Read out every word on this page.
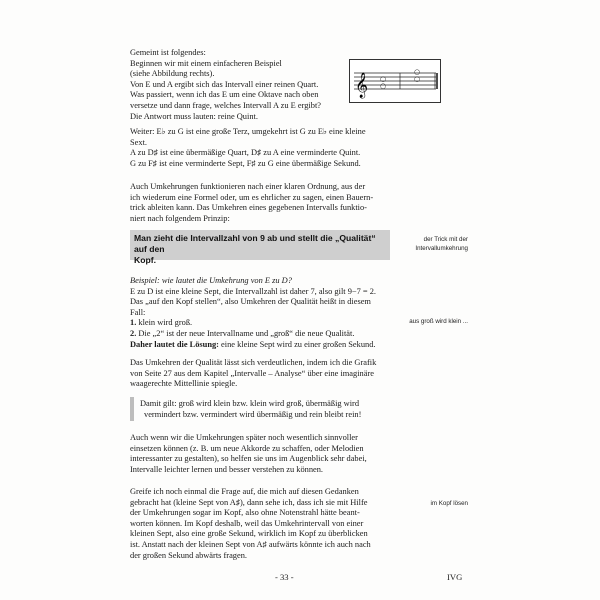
Gemeint ist folgendes:

Beginnen wir mit einem einfacheren Beispiel

(siehe Abbildung rechts).

Von E und A ergibt sich das Intervall einer reinen Quart.

Was passiert, wenn ich das E um eine Oktave nach oben

versetze und dann frage, welches Intervall A zu E ergibt?

Die Antwort muss lauten: reine Quint.

𝄞 ○
○	○
○

Weiter: E♭ zu G ist eine große Terz, umgekehrt ist G zu E♭ eine kleine

Sext.

A zu D♯ ist eine übermäßige Quart, D♯ zu A eine verminderte Quint.

G zu F♯ ist eine verminderte Sept, F♯ zu G eine übermäßige Sekund.

Auch Umkehrungen funktionieren nach einer klaren Ordnung, aus der

ich wiederum eine Formel oder, um es ehrlicher zu sagen, einen Bauern-

trick ableiten kann. Das Umkehren eines gegebenen Intervalls funktio-

niert nach folgendem Prinzip:

Man zieht die Intervallzahl von 9 ab und stellt die „Qualität“ auf den
Kopf.
der Trick mit der
Intervallumkehrung

Beispiel: wie lautet die Umkehrung von E zu D?

E zu D ist eine kleine Sept, die Intervallzahl ist daher 7, also gilt 9−7 = 2.

Das „auf den Kopf stellen“, also Umkehren der Qualität heißt in diesem

Fall:

1. klein wird groß.

2. Die „2“ ist der neue Intervallname und „groß“ die neue Qualität.

Daher lautet die Lösung: eine kleine Sept wird zu einer großen Sekund.

aus groß wird klein ...

Das Umkehren der Qualität lässt sich verdeutlichen, indem ich die Grafik

von Seite 27 aus dem Kapitel „Intervalle – Analyse“ über eine imaginäre

waagerechte Mittellinie spiegle.

Damit gilt: groß wird klein bzw. klein wird groß, übermäßig wird

vermindert bzw. vermindert wird übermäßig und rein bleibt rein!

Auch wenn wir die Umkehrungen später noch wesentlich sinnvoller

einsetzen können (z. B. um neue Akkorde zu schaffen, oder Melodien

interessanter zu gestalten), so helfen sie uns im Augenblick sehr dabei,

Intervalle leichter lernen und besser verstehen zu können.

Greife ich noch einmal die Frage auf, die mich auf diesen Gedanken

gebracht hat (kleine Sept von A♯), dann sehe ich, dass ich sie mit Hilfe

der Umkehrungen sogar im Kopf, also ohne Notenstrahl hätte beant-

worten können. Im Kopf deshalb, weil das Umkehrintervall von einer

kleinen Sept, also eine große Sekund, wirklich im Kopf zu überblicken

ist. Anstatt nach der kleinen Sept von A♯ aufwärts könnte ich auch nach

der großen Sekund abwärts fragen.

im Kopf lösen
- 33 -	IVG
